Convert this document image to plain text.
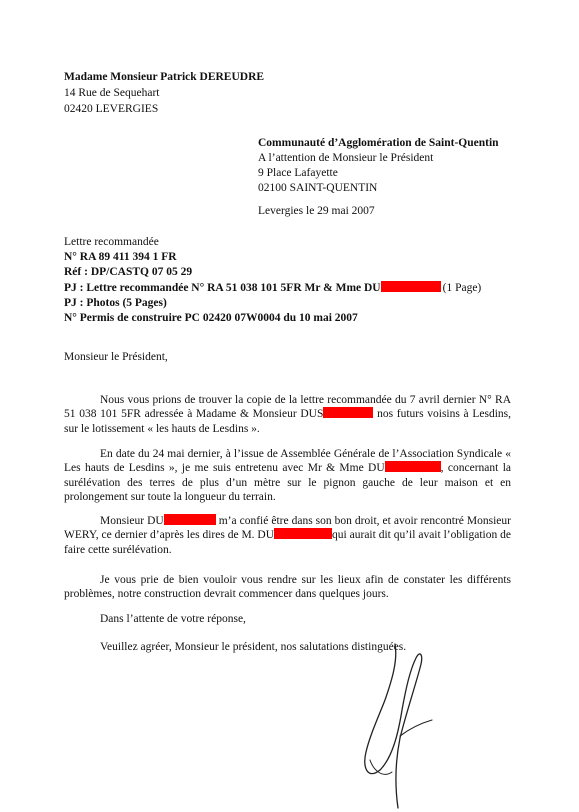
Madame Monsieur Patrick DEREUDRE
14 Rue de Sequehart
02420 LEVERGIES
Communauté d’Agglomération de Saint-Quentin
A l’attention de Monsieur le Président
9 Place Lafayette
02100 SAINT-QUENTIN
Levergies le 29 mai 2007
Lettre recommandée
N° RA 89 411 394 1 FR
Réf : DP/CASTQ 07 05 29
PJ : Lettre recommandée N° RA 51 038 101 5FR Mr & Mme DU	(1 Page)
PJ : Photos (5 Pages)
N° Permis de construire PC 02420 07W0004 du 10 mai 2007
Monsieur le Président,
Nous vous prions de trouver la copie de la lettre recommandée du 7 avril dernier N° RA 51 038 101 5FR adressée à Madame & Monsieur DUS	nos futurs voisins à Lesdins, sur le lotissement « les hauts de Lesdins ».
En date du 24 mai dernier, à l’issue de Assemblée Générale de l’Association Syndicale « Les hauts de Lesdins », je me suis entretenu avec Mr & Mme DU	, concernant la surélévation des terres de plus d’un mètre sur le pignon gauche de leur maison et en prolongement sur toute la longueur du terrain.
Monsieur DU	m’a confié être dans son bon droit, et avoir rencontré Monsieur WERY, ce dernier d’après les dires de M. DU	qui aurait dit qu’il avait l’obligation de faire cette surélévation.
Je vous prie de bien vouloir vous rendre sur les lieux afin de constater les différents problèmes, notre construction devrait commencer dans quelques jours.
Dans l’attente de votre réponse,
Veuillez agréer, Monsieur le président, nos salutations distinguées.
